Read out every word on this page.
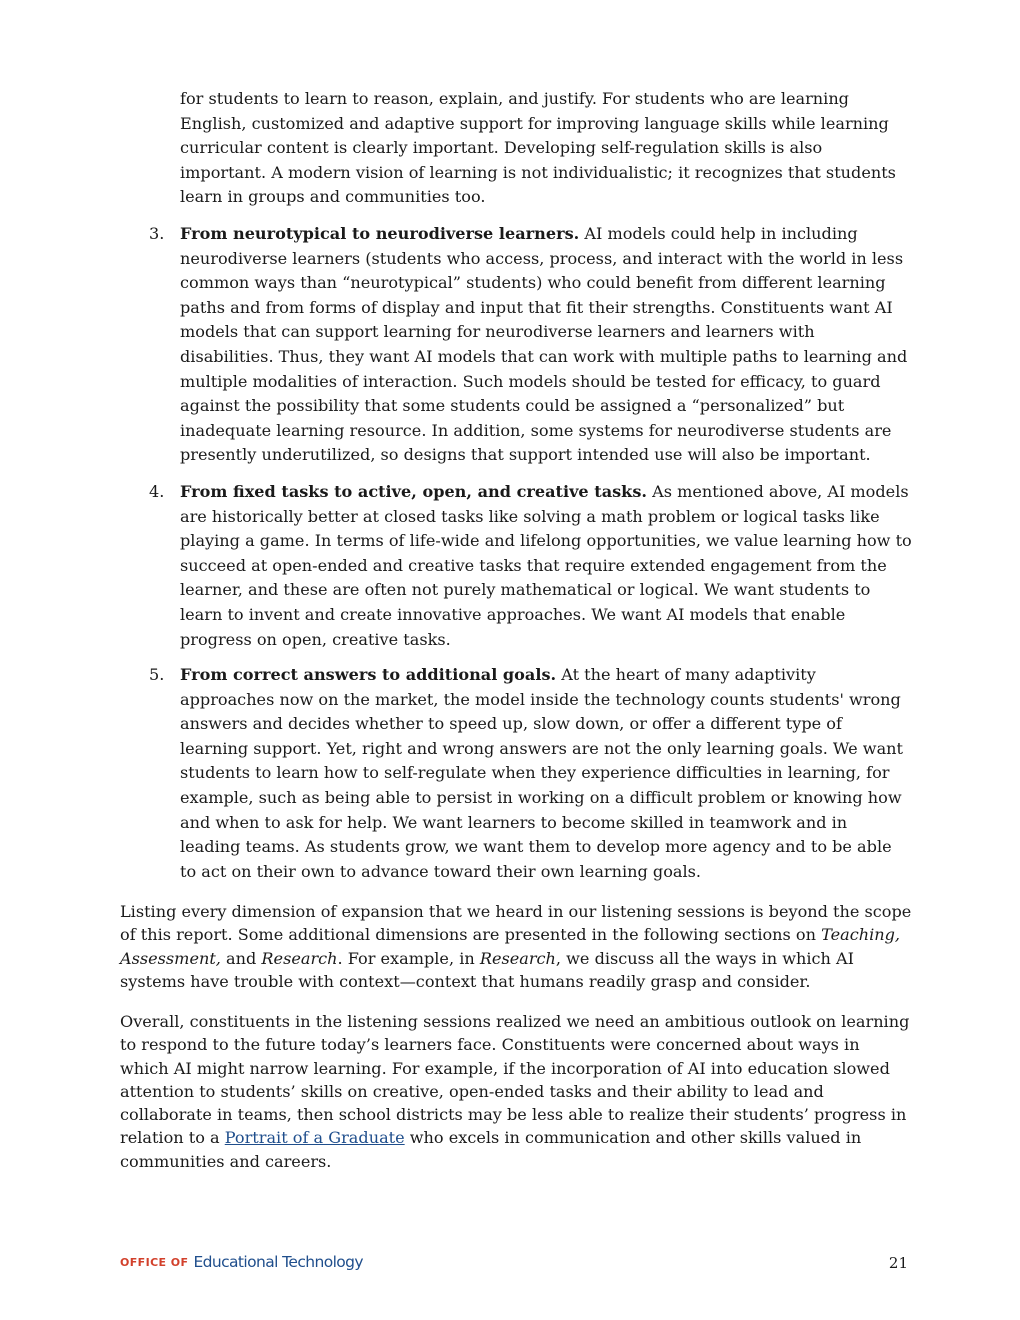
for students to learn to reason, explain, and justify. For students who are learning English, customized and adaptive support for improving language skills while learning curricular content is clearly important. Developing self-regulation skills is also important. A modern vision of learning is not individualistic; it recognizes that students learn in groups and communities too.

3. From neurotypical to neurodiverse learners. AI models could help in including neurodiverse learners (students who access, process, and interact with the world in less common ways than “neurotypical” students) who could benefit from different learning paths and from forms of display and input that fit their strengths. Constituents want AI models that can support learning for neurodiverse learners and learners with disabilities. Thus, they want AI models that can work with multiple paths to learning and multiple modalities of interaction. Such models should be tested for efficacy, to guard against the possibility that some students could be assigned a “personalized” but inadequate learning resource. In addition, some systems for neurodiverse students are presently underutilized, so designs that support intended use will also be important.

4. From fixed tasks to active, open, and creative tasks. As mentioned above, AI models are historically better at closed tasks like solving a math problem or logical tasks like playing a game. In terms of life-wide and lifelong opportunities, we value learning how to succeed at open-ended and creative tasks that require extended engagement from the learner, and these are often not purely mathematical or logical. We want students to learn to invent and create innovative approaches. We want AI models that enable progress on open, creative tasks.

5. From correct answers to additional goals. At the heart of many adaptivity approaches now on the market, the model inside the technology counts students' wrong answers and decides whether to speed up, slow down, or offer a different type of learning support. Yet, right and wrong answers are not the only learning goals. We want students to learn how to self-regulate when they experience difficulties in learning, for example, such as being able to persist in working on a difficult problem or knowing how and when to ask for help. We want learners to become skilled in teamwork and in leading teams. As students grow, we want them to develop more agency and to be able to act on their own to advance toward their own learning goals.

Listing every dimension of expansion that we heard in our listening sessions is beyond the scope of this report. Some additional dimensions are presented in the following sections on Teaching, Assessment, and Research. For example, in Research, we discuss all the ways in which AI systems have trouble with context—context that humans readily grasp and consider.

Overall, constituents in the listening sessions realized we need an ambitious outlook on learning to respond to the future today’s learners face. Constituents were concerned about ways in which AI might narrow learning. For example, if the incorporation of AI into education slowed attention to students’ skills on creative, open-ended tasks and their ability to lead and collaborate in teams, then school districts may be less able to realize their students’ progress in relation to a Portrait of a Graduate who excels in communication and other skills valued in communities and careers.

OFFICE OF Educational Technology	21
